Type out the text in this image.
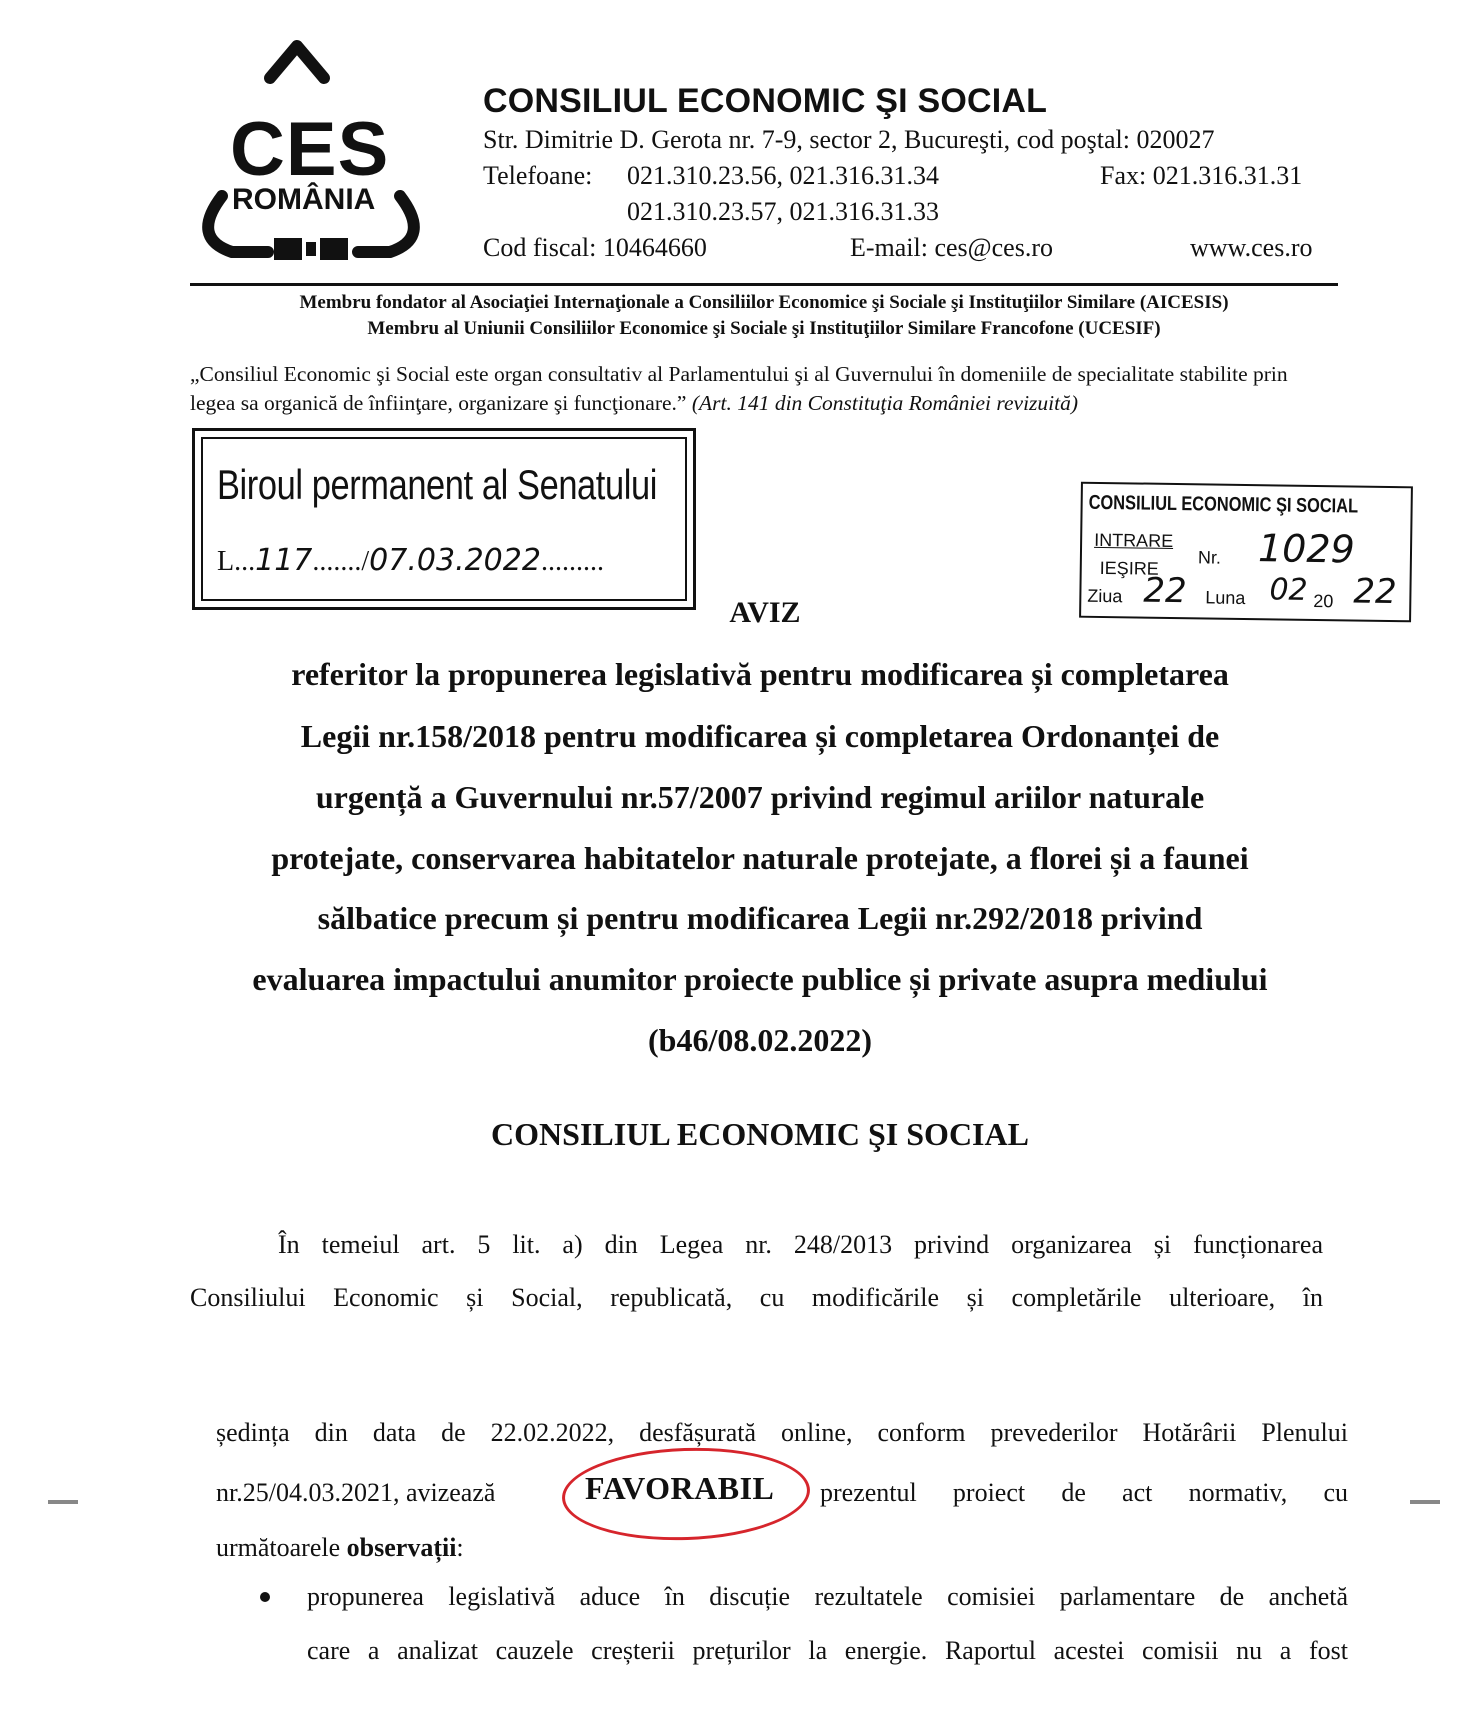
CES
ROMÂNIA
CONSILIUL ECONOMIC ŞI SOCIAL
Str. Dimitrie D. Gerota nr. 7-9, sector 2, Bucureşti, cod poştal: 020027
Telefoane: 021.310.23.56, 021.316.31.34
021.310.23.57, 021.316.31.33
Fax: 021.316.31.31
Cod fiscal: 10464660	E-mail: ces@ces.ro	www.ces.ro
Membru fondator al Asociaţiei Internaţionale a Consiliilor Economice şi Sociale şi Instituţiilor Similare (AICESIS)
Membru al Uniunii Consiliilor Economice şi Sociale şi Instituţiilor Similare Francofone (UCESIF)
„Consiliul Economic şi Social este organ consultativ al Parlamentului şi al Guvernului în domeniile de specialitate stabilite prin legea sa organică de înfiinţare, organizare şi funcţionare.” (Art. 141 din Constituţia României revizuită)
Biroul permanent al Senatului
L...117......./07.03.2022.........
CONSILIUL ECONOMIC ŞI SOCIAL
INTRARE
IEŞIRE
Nr. 1029
Ziua 22 Luna 02 20 22
AVIZ
referitor la propunerea legislativă pentru modificarea și completarea
Legii nr.158/2018 pentru modificarea și completarea Ordonanței de
urgență a Guvernului nr.57/2007 privind regimul ariilor naturale
protejate, conservarea habitatelor naturale protejate, a florei și a faunei
sălbatice precum și pentru modificarea Legii nr.292/2018 privind
evaluarea impactului anumitor proiecte publice și private asupra mediului
(b46/08.02.2022)
CONSILIUL ECONOMIC ŞI SOCIAL
În temeiul art. 5 lit. a) din Legea nr. 248/2013 privind organizarea și funcționarea
Consiliului Economic și Social, republicată, cu modificările și completările ulterioare, în
ședința din data de 22.02.2022, desfășurată online, conform prevederilor Hotărârii Plenului
nr.25/04.03.2021, avizează	FAVORABIL prezentul proiect de act normativ, cu
următoarele observații:
propunerea legislativă aduce în discuție rezultatele comisiei parlamentare de anchetă
care a analizat cauzele creșterii prețurilor la energie. Raportul acestei comisii nu a fost
